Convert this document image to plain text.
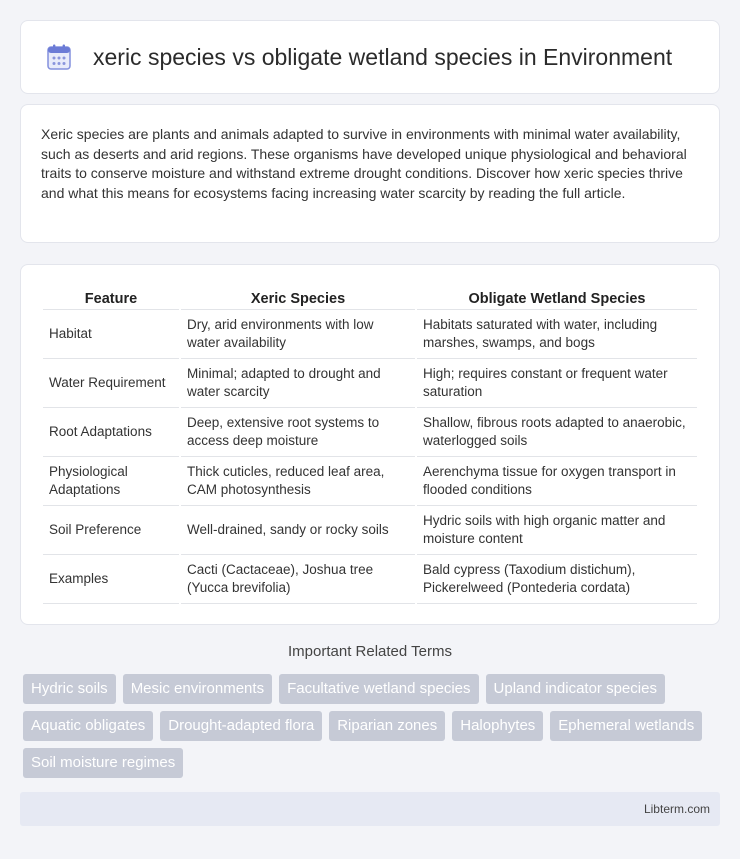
xeric species vs obligate wetland species in Environment

Xeric species are plants and animals adapted to survive in environments with minimal water availability, such as deserts and arid regions. These organisms have developed unique physiological and behavioral traits to conserve moisture and withstand extreme drought conditions. Discover how xeric species thrive and what this means for ecosystems facing increasing water scarcity by reading the full article.

Feature	Xeric Species	Obligate Wetland Species
Habitat	Dry, arid environments with low water availability	Habitats saturated with water, including marshes, swamps, and bogs
Water Requirement	Minimal; adapted to drought and water scarcity	High; requires constant or frequent water saturation
Root Adaptations	Deep, extensive root systems to access deep moisture	Shallow, fibrous roots adapted to anaerobic, waterlogged soils
Physiological Adaptations	Thick cuticles, reduced leaf area, CAM photosynthesis	Aerenchyma tissue for oxygen transport in flooded conditions
Soil Preference	Well-drained, sandy or rocky soils	Hydric soils with high organic matter and moisture content
Examples	Cacti (Cactaceae), Joshua tree (Yucca brevifolia)	Bald cypress (Taxodium distichum), Pickerelweed (Pontederia cordata)
Important Related Terms
Hydric soils	Mesic environments	Facultative wetland species	Upland indicator species
Aquatic obligates	Drought-adapted flora	Riparian zones	Halophytes	Ephemeral wetlands
Soil moisture regimes
Libterm.com
